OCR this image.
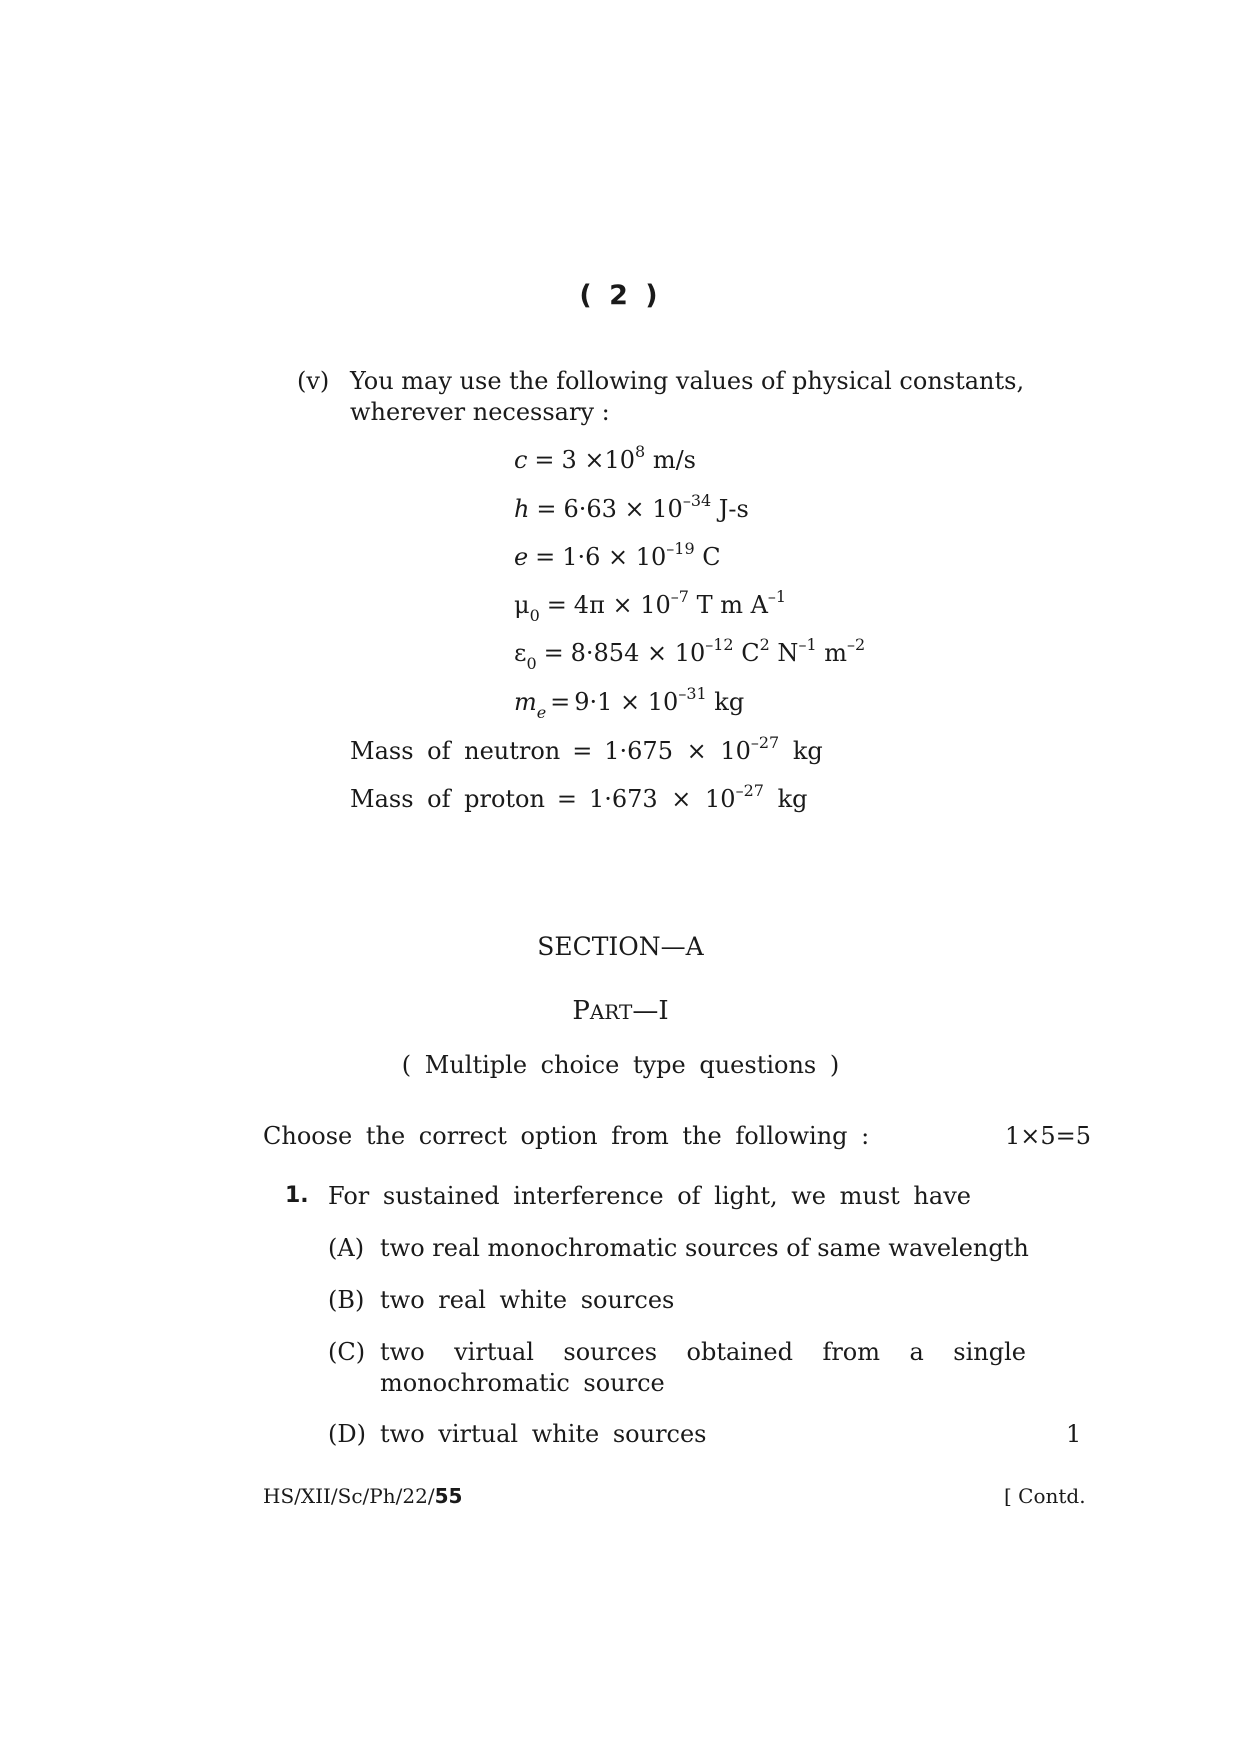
( 2 )
(v) You may use the following values of physical constants,
wherever necessary :
$c = 3 \times 10^8$ m/s
$h = 6\cdot 63 \times 10^{-34}$ J-s
$e = 1\cdot 6 \times 10^{-19}$ C
$\mu_0 = 4\pi \times 10^{-7}$ T m $A^{-1}$
$\varepsilon_0 = 8\cdot 854 \times 10^{-12}$ $C^2$ $N^{-1}$ $m^{-2}$
$m_e = 9\cdot 1 \times 10^{-31}$ kg
Mass of neutron = $1\cdot 675 \times 10^{-27}$ kg
Mass of proton = $1\cdot 673 \times 10^{-27}$ kg
SECTION—A
PART—I
( Multiple choice type questions )
Choose the correct option from the following :	1×5=5
1. For sustained interference of light, we must have
(A) two real monochromatic sources of same wavelength
(B) two real white sources
(C) two virtual sources obtained from a single
monochromatic source
(D) two virtual white sources	1
HS/XII/Sc/Ph/22/55	[ Contd.
